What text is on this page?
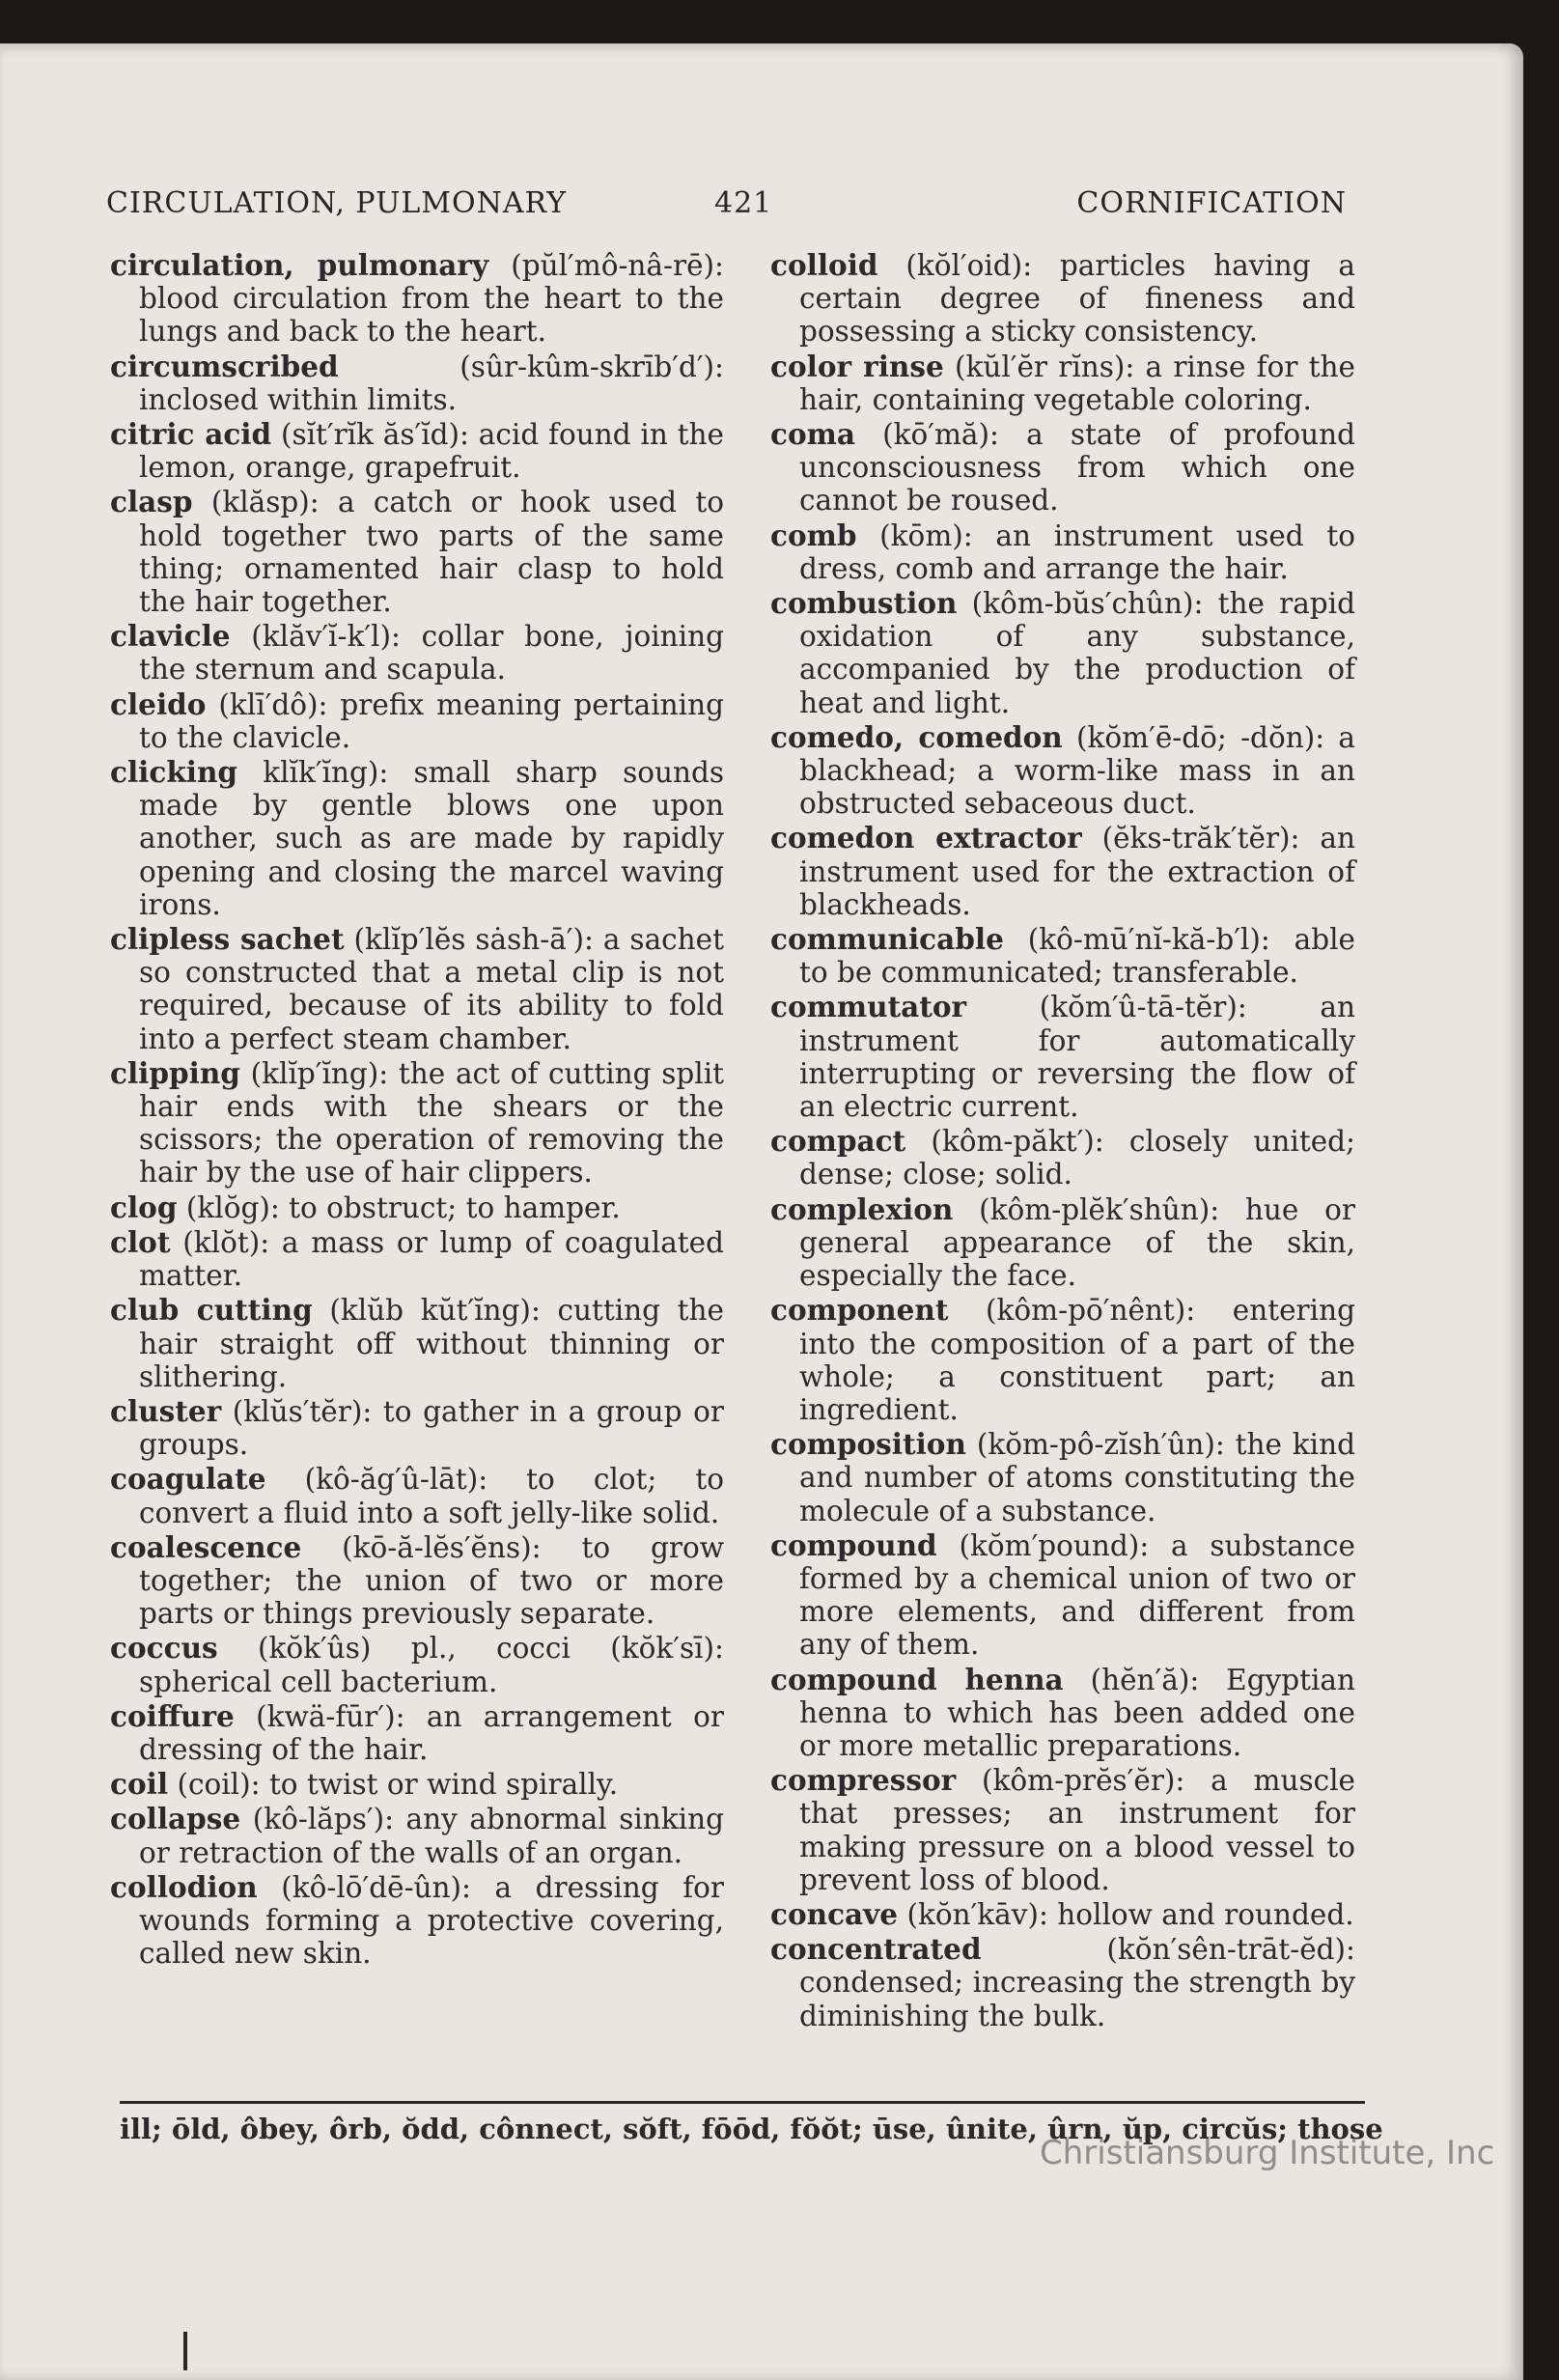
CIRCULATION, PULMONARY	421	CORNIFICATION

circulation, pulmonary (pŭl′mô-nâ-rē): blood circulation from the heart to the lungs and back to the heart.

circumscribed	(sûr-kûm-skrīb′d′): inclosed within limits.

citric acid (sĭt′rĭk ăs′ĭd): acid found in the lemon, orange, grapefruit.

clasp (klăsp): a catch or hook used to hold together two parts of the same thing; ornamented hair clasp to hold the hair together.

clavicle (klăv′ĭ-k′l): collar bone, joining the sternum and scapula.

cleido (klī′dô): prefix meaning pertaining to the clavicle.

clicking klĭk′ĭng): small sharp sounds made by gentle blows one upon another, such as are made by rapidly opening and closing the marcel waving irons.

clipless sachet (klĭp′lĕs sȧsh-ā′): a sachet so constructed that a metal clip is not required, because of its ability to fold into a perfect steam chamber.

clipping (klĭp′ĭng): the act of cutting split hair ends with the shears or the scissors; the operation of removing the hair by the use of hair clippers.

clog (klŏg): to obstruct; to hamper.

clot (klŏt): a mass or lump of coagulated matter.

club cutting (klŭb kŭt′ĭng): cutting the hair straight off without thinning or slithering.

cluster (klŭs′tĕr): to gather in a group or groups.

coagulate (kô-ăg′û-lāt): to clot; to convert a fluid into a soft jelly-like solid.

coalescence (kō-ă-lĕs′ĕns): to grow together; the union of two or more parts or things previously separate.

coccus (kŏk′ûs) pl., cocci (kŏk′sī): spherical cell bacterium.

coiffure (kwä-fūr′): an arrangement or dressing of the hair.

coil (coil): to twist or wind spirally.

collapse (kô-lăps′): any abnormal sinking or retraction of the walls of an organ.

collodion (kô-lō′dē-ûn): a dressing for wounds forming a protective covering, called new skin.

colloid (kŏl′oid): particles having a certain degree of fineness and possessing a sticky consistency.

color rinse (kŭl′ĕr rĭns): a rinse for the hair, containing vegetable coloring.

coma (kō′mă): a state of profound unconsciousness from which one cannot be roused.

comb (kōm): an instrument used to dress, comb and arrange the hair.

combustion (kôm-bŭs′chûn): the rapid oxidation of any substance, accompanied by the production of heat and light.

comedo, comedon (kŏm′ē-dō; -dŏn): a blackhead; a worm-like mass in an obstructed sebaceous duct.

comedon extractor (ĕks-trăk′tĕr): an instrument used for the extraction of blackheads.

communicable (kô-mū′nĭ-kă-b′l): able to be communicated; transferable.

commutator	(kŏm′û-tā-tĕr): an instrument for automatically interrupting or reversing the flow of an electric current.

compact (kôm-păkt′): closely united; dense; close; solid.

complexion (kôm-plĕk′shûn): hue or general appearance of the skin, especially the face.

component (kôm-pō′nênt): entering into the composition of a part of the whole; a constituent part; an ingredient.

composition (kŏm-pô-zĭsh′ûn): the kind and number of atoms constituting the molecule of a substance.

compound (kŏm′pound): a substance formed by a chemical union of two or more elements, and different from any of them.

compound henna (hĕn′ă): Egyptian henna to which has been added one or more metallic preparations.

compressor (kôm-prĕs′ĕr): a muscle that presses; an instrument for making pressure on a blood vessel to prevent loss of blood.

concave (kŏn′kāv): hollow and rounded.

concentrated	(kŏn′sên-trāt-ĕd): condensed; increasing the strength by diminishing the bulk.

ill; ōld, ôbey, ôrb, ŏdd, cônnect, sŏft, fōōd, fŏŏt; ūse, ûnite, ûrn, ŭp, circŭs; those
Christiansburg Institute, Inc
